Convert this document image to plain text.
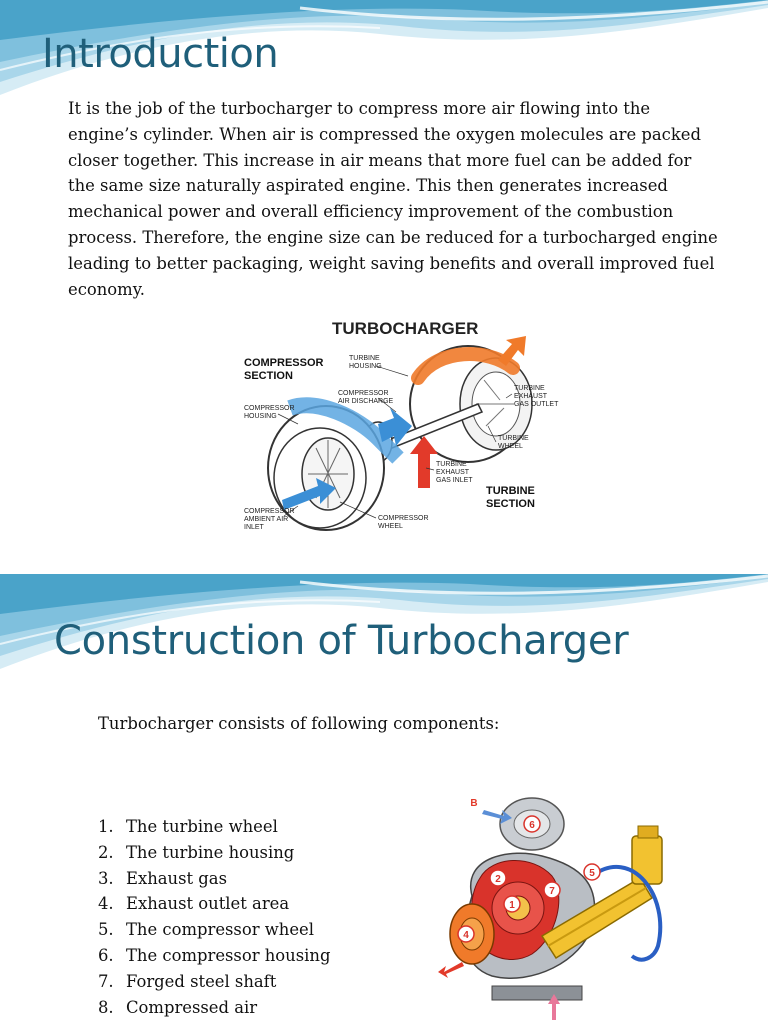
Introduction

It is the job of the turbocharger to compress more air flowing into the engine’s cylinder. When air is compressed the oxygen molecules are packed closer together. This increase in air means that more fuel can be added for the same size naturally aspirated engine. This then generates increased mechanical power and overall efficiency improvement of the combustion process. Therefore, the engine size can be reduced for a turbocharged engine leading to better packaging, weight saving benefits and overall improved fuel economy.

TURBOCHARGER
COMPRESSOR SECTION
TURBINE SECTION
TURBINE HOUSING
COMPRESSOR AIR DISCHARGE
COMPRESSOR HOUSING
TURBINE EXHAUST GAS OUTLET
TURBINE WHEEL
TURBINE EXHAUST GAS INLET
COMPRESSOR AMBIENT AIR INLET
COMPRESSOR WHEEL
Construction of Turbocharger
Turbocharger consists of following components:
1. The turbine wheel
2. The turbine housing
3. Exhaust gas
4. Exhaust outlet area
5. The compressor wheel
6. The compressor housing
7. Forged steel shaft
8. Compressed air
B
6
2
7
5
1
4
